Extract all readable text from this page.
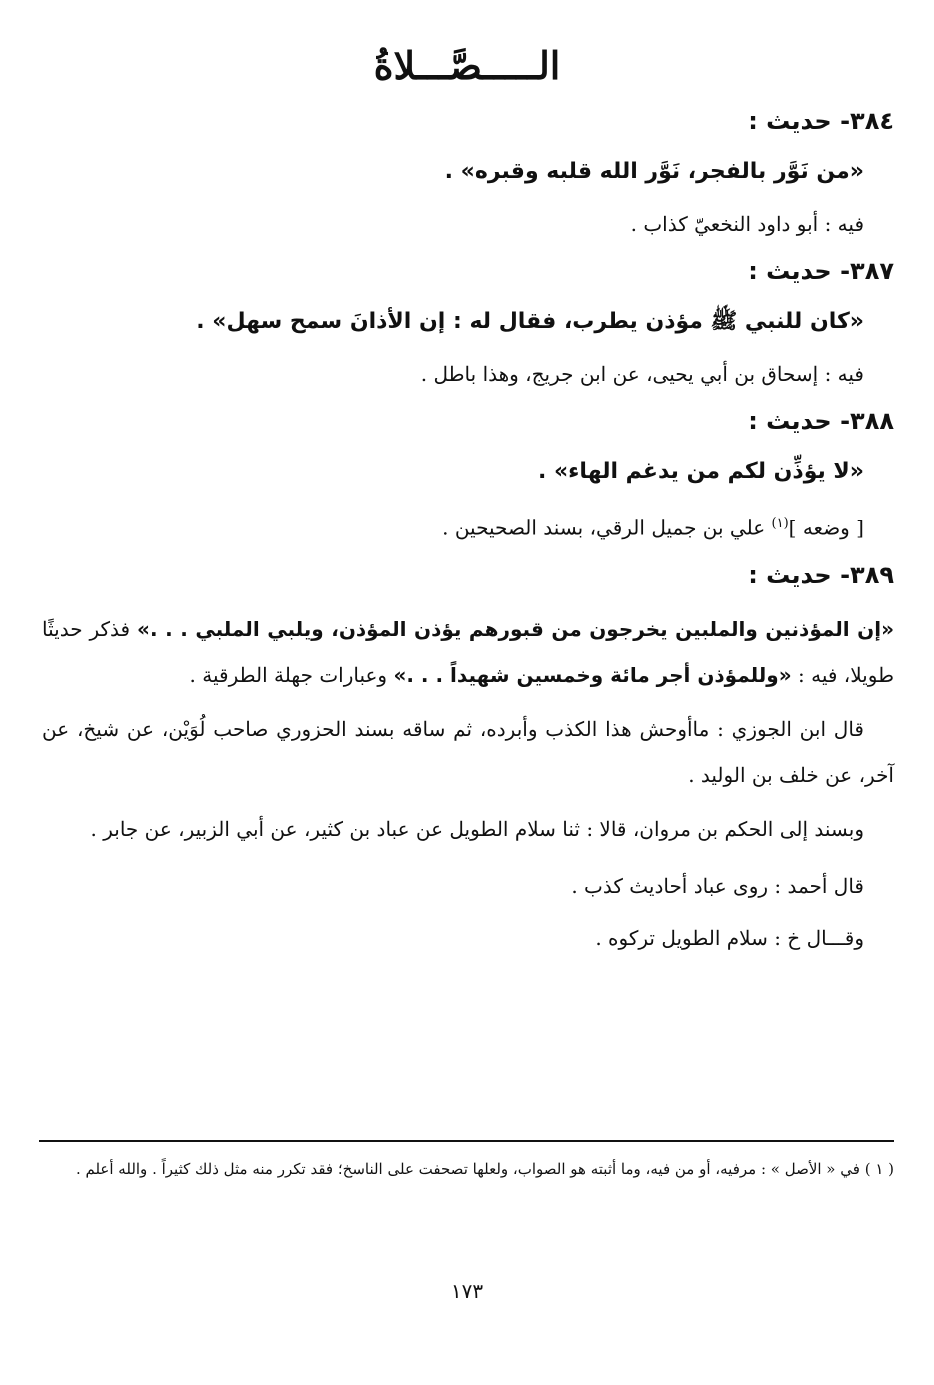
الـــــصَّـــلاةُ

٣٨٤- حديث :

«من نَوَّر بالفجر، نَوَّر الله قلبه وقبره» .

فيه : أبو داود النخعيّ كذاب .

٣٨٧- حديث :

«كان للنبي ﷺ مؤذن يطرب، فقال له : إن الأذانَ سمح سهل» .

فيه : إسحاق بن أبي يحيى، عن ابن جريج، وهذا باطل .

٣٨٨- حديث :

«لا يؤذِّن لكم من يدغم الهاء» .

[ وضعه ]$^{(١)}$ علي بن جميل الرقي، بسند الصحيحين .

٣٨٩- حديث :

«إن المؤذنين والملبين يخرجون من قبورهم يؤذن المؤذن، ويلبي الملبي . . .» فذكر حديثًا طويلا، فيه : «وللمؤذن أجر مائة وخمسين شهيداً . . .» وعبارات جهلة الطرقية .

قال ابن الجوزي : ماأوحش هذا الكذب وأبرده، ثم ساقه بسند الحزوري صاحب لُوَيْن، عن شيخ، عن آخر، عن خلف بن الوليد .

وبسند إلى الحكم بن مروان، قالا : ثنا سلام الطويل عن عباد بن كثير، عن أبي الزبير، عن جابر .

قال أحمد : روى عباد أحاديث كذب .

وقـــال خ : سلام الطويل تركوه .

( ١ ) في « الأصل » : مرفيه، أو من فيه، وما أثبته هو الصواب، ولعلها تصحفت على الناسخ؛ فقد تكرر منه مثل ذلك كثيراً . والله أعلم .

١٧٣
